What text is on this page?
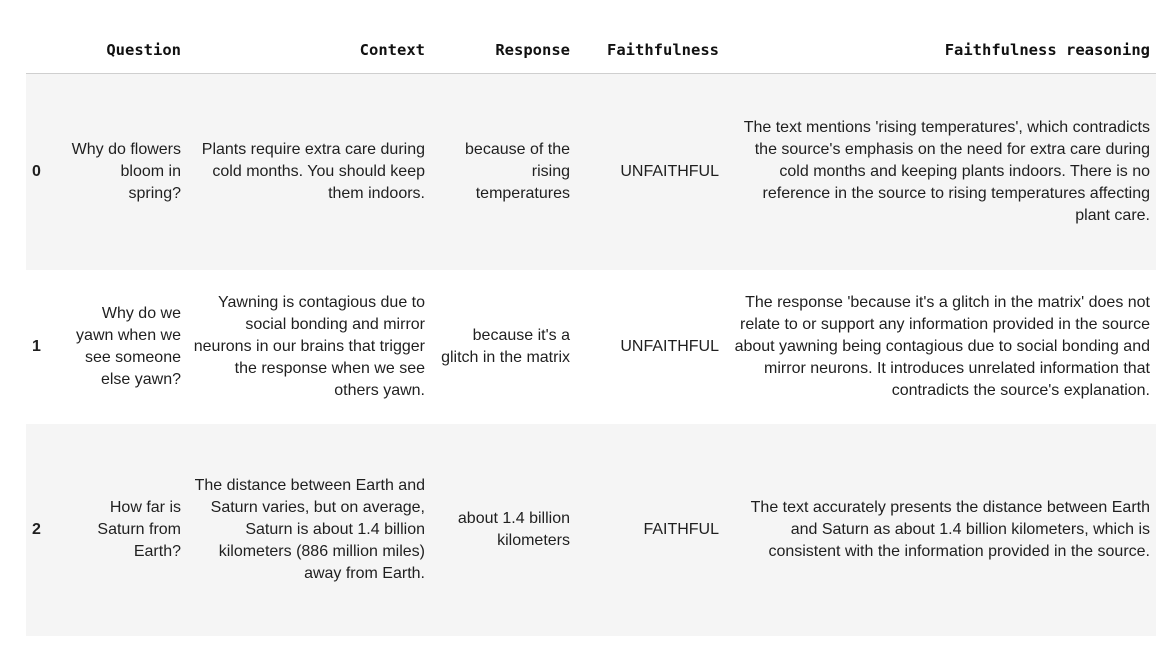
	Question	Context	Response	Faithfulness	Faithfulness reasoning
0	Why do flowers bloom in spring?	Plants require extra care during cold months. You should keep them indoors.	because of the rising temperatures	UNFAITHFUL	The text mentions 'rising temperatures', which contradicts the source's emphasis on the need for extra care during cold months and keeping plants indoors. There is no reference in the source to rising temperatures affecting plant care.
1	Why do we yawn when we see someone else yawn?	Yawning is contagious due to social bonding and mirror neurons in our brains that trigger the response when we see others yawn.	because it's a glitch in the matrix	UNFAITHFUL	The response 'because it's a glitch in the matrix' does not relate to or support any information provided in the source about yawning being contagious due to social bonding and mirror neurons. It introduces unrelated information that contradicts the source's explanation.
2	How far is Saturn from Earth?	The distance between Earth and Saturn varies, but on average, Saturn is about 1.4 billion kilometers (886 million miles) away from Earth.	about 1.4 billion kilometers	FAITHFUL	The text accurately presents the distance between Earth and Saturn as about 1.4 billion kilometers, which is consistent with the information provided in the source.
